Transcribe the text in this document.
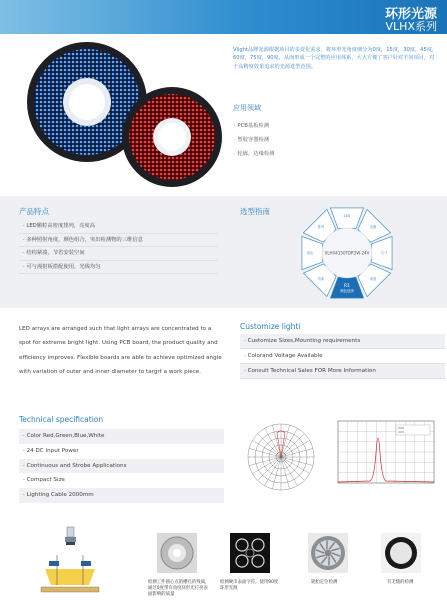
环形光源
VLHX系列
Vlight品牌光源根据项目的多变化需求，将环形光角度细分为0度，15度，30度，45度，60度，75度，90度，从而形成一个完整的应用体系，大大方便了客户针对不同项目，对于高精度效果追求的光源选型范围。
应用领域
· PCB基板检测
· 塑胶容器检测
· 轮廓，边缘检测
产品特点
· LED颗粒高密度排列，亮度高
· 多种照射角度，颜色组合，突出检测物的三维信息
· 结构紧凑，节省安装空间
· 可与漫射板搭配使用，光线均匀
选型指南	LED
光源
尺寸
角度
功率
电压
系列
VLHX4150TDR3W-24V
R1
颜色选择
LED arrays are arranged such that light arrays are concentrated to a spot for extreme bright light. Using PCB board, the product quality and efficiency improves. Flexible boards are able to achieve optimized angle with variation of outer and inner diameter to targrt a work piece.
Customize lighti
· Customize Sizes,Mounting requirements
· Colorand Voltage Available
· Consult Technical Sales FOR More Information
Technical specification
· Color Red,Green,Blue,White
· 24 DC Input Power
· Continuous and Strobe Applications
· Compact Size
· Lighting Cable 2000mm
检测工件圆心点销槽孔的残离，通过0度带有角度环形光打亮表面影响的质量
检测硬币表面字符，使用90度环形光源
轮胎定位检测	有无缝的检测
